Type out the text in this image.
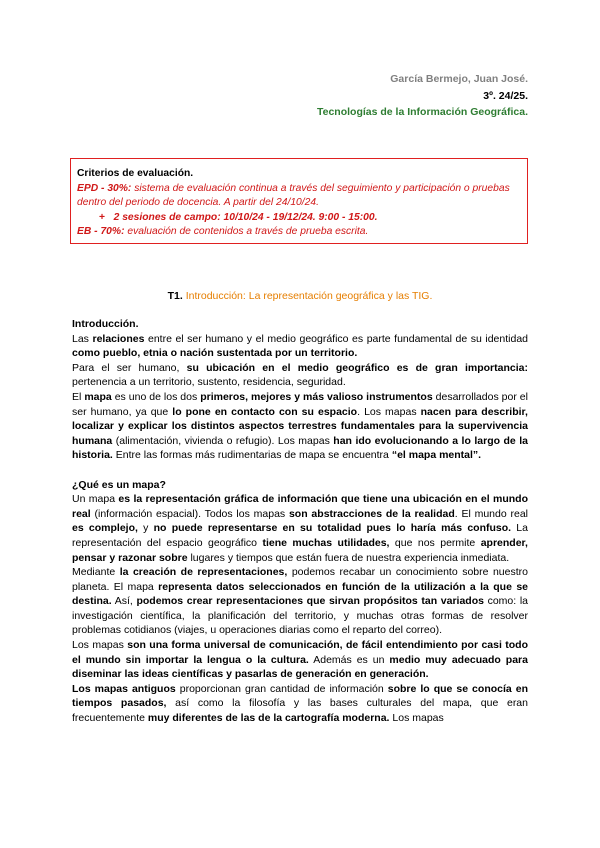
García Bermejo, Juan José.
3º. 24/25.
Tecnologías de la Información Geográfica.
Criterios de evaluación.
EPD - 30%: sistema de evaluación continua a través del seguimiento y participación o pruebas dentro del periodo de docencia. A partir del 24/10/24.
+ 2 sesiones de campo: 10/10/24 - 19/12/24. 9:00 - 15:00.
EB - 70%: evaluación de contenidos a través de prueba escrita.
T1. Introducción: La representación geográfica y las TIG.
Introducción.

Las relaciones entre el ser humano y el medio geográfico es parte fundamental de su identidad como pueblo, etnia o nación sustentada por un territorio.

Para el ser humano, su ubicación en el medio geográfico es de gran importancia: pertenencia a un territorio, sustento, residencia, seguridad.

El mapa es uno de los dos primeros, mejores y más valioso instrumentos desarrollados por el ser humano, ya que lo pone en contacto con su espacio. Los mapas nacen para describir, localizar y explicar los distintos aspectos terrestres fundamentales para la supervivencia humana (alimentación, vivienda o refugio). Los mapas han ido evolucionando a lo largo de la historia. Entre las formas más rudimentarias de mapa se encuentra “el mapa mental”.

¿Qué es un mapa?

Un mapa es la representación gráfica de información que tiene una ubicación en el mundo real (información espacial). Todos los mapas son abstracciones de la realidad. El mundo real es complejo, y no puede representarse en su totalidad pues lo haría más confuso. La representación del espacio geográfico tiene muchas utilidades, que nos permite aprender, pensar y razonar sobre lugares y tiempos que están fuera de nuestra experiencia inmediata.

Mediante la creación de representaciones, podemos recabar un conocimiento sobre nuestro planeta. El mapa representa datos seleccionados en función de la utilización a la que se destina. Así, podemos crear representaciones que sirvan propósitos tan variados como: la investigación científica, la planificación del territorio, y muchas otras formas de resolver problemas cotidianos (viajes, u operaciones diarias como el reparto del correo).

Los mapas son una forma universal de comunicación, de fácil entendimiento por casi todo el mundo sin importar la lengua o la cultura. Además es un medio muy adecuado para diseminar las ideas científicas y pasarlas de generación en generación.

Los mapas antiguos proporcionan gran cantidad de información sobre lo que se conocía en tiempos pasados, así como la filosofía y las bases culturales del mapa, que eran frecuentemente muy diferentes de las de la cartografía moderna. Los mapas
